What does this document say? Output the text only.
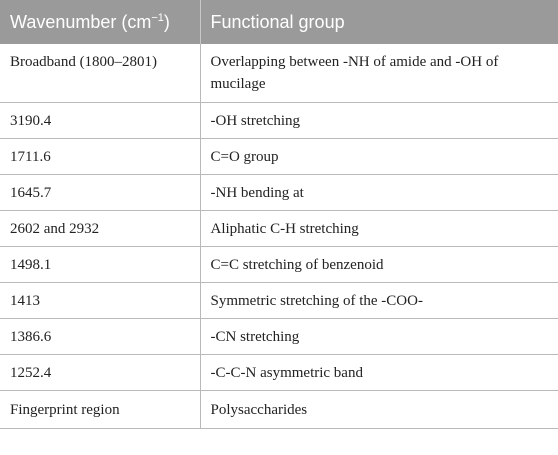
Wavenumber $(cm^{-1})$	Functional group
Broadband (1800–2801)	Overlapping between -NH of amide and -OH of mucilage
3190.4	-OH stretching
1711.6	C=O group
1645.7	-NH bending at
2602 and 2932	Aliphatic C-H stretching
1498.1	C=C stretching of benzenoid
1413	Symmetric stretching of the -COO-
1386.6	-CN stretching
1252.4	-C-C-N asymmetric band
Fingerprint region	Polysaccharides
